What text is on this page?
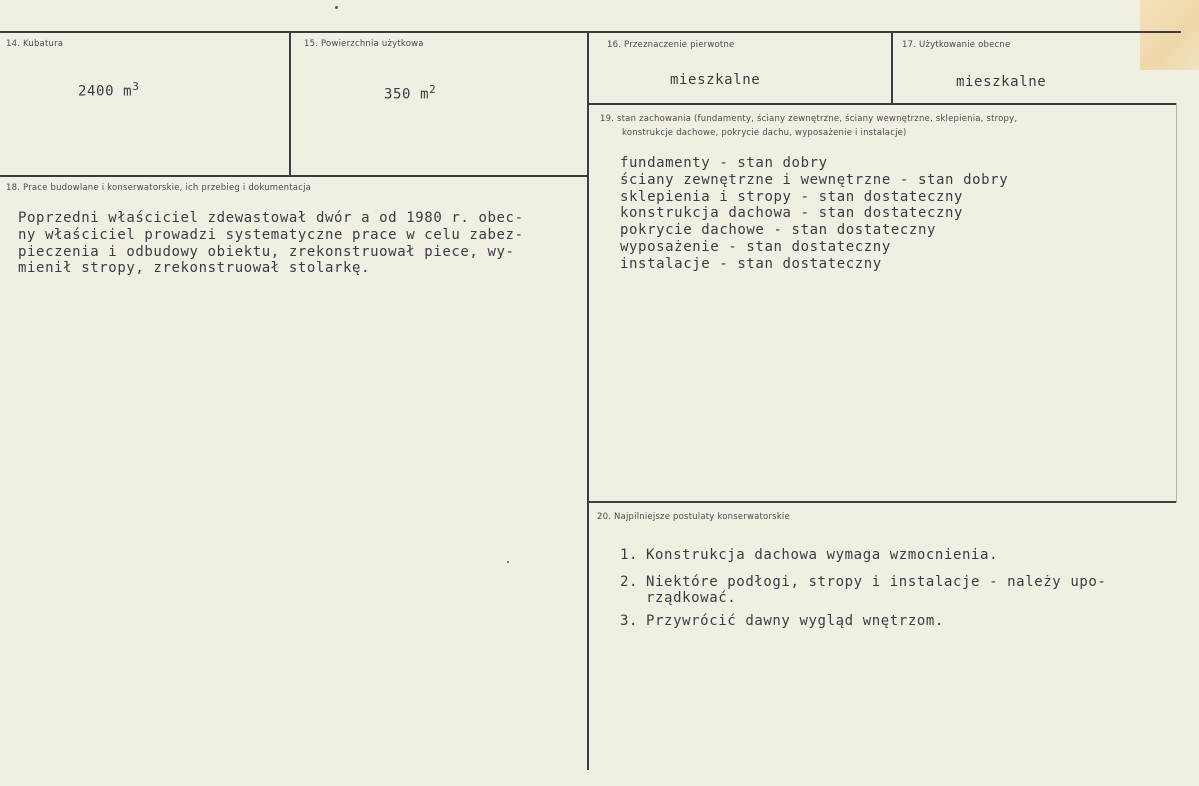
14. Kubatura
2400 $m^3$
15. Powierzchnia użytkowa
350 $m^2$
16. Przeznaczenie pierwotne
mieszkalne
17. Użytkowanie obecne
mieszkalne
18. Prace budowlane i konserwatorskie, ich przebieg i dokumentacja
Poprzedni właściciel zdewastował dwór a od 1980 r. obec-
ny właściciel prowadzi systematyczne prace w celu zabez-
pieczenia i odbudowy obiektu, zrekonstruował piece, wy-
mienił stropy, zrekonstruował stolarkę.
19. stan zachowania (fundamenty, ściany zewnętrzne, ściany wewnętrzne, sklepienia, stropy,
konstrukcje dachowe, pokrycie dachu, wyposażenie i instalacje)
fundamenty - stan dobry
ściany zewnętrzne i wewnętrzne - stan dobry
sklepienia i stropy - stan dostateczny
konstrukcja dachowa - stan dostateczny
pokrycie dachowe - stan dostateczny
wyposażenie - stan dostateczny
instalacje - stan dostateczny
20. Najpilniejsze postulaty konserwatorskie
1. Konstrukcja dachowa wymaga wzmocnienia.
2. Niektóre podłogi, stropy i instalacje - należy upo-
rządkować.
3. Przywrócić dawny wygląd wnętrzom.
